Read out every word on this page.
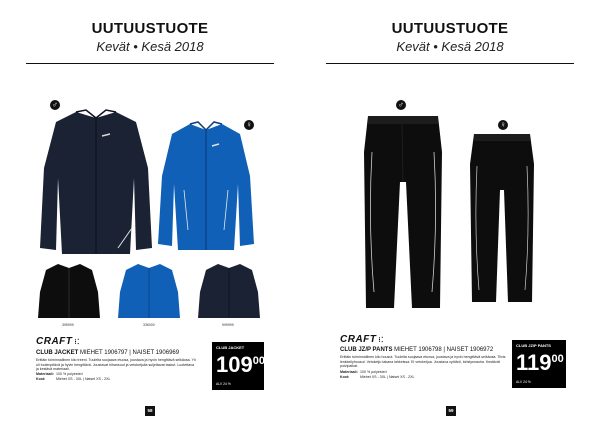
UUTUUSTUOTE
Kevät • Kesä 2018
♂
♀
395999	336000	999999
CRAFT ⁝⁚
CLUB JACKET MIEHET 1906797 | NAISET 1906969
Erittäin toiminnallinen kilo treeni. Tuulelta suojaava etuosa, joustava ja hyvin hengittävä selkäosa. Yli oli tuulenpitävä ja hyvin hengittävä. Joustavat hihansuut ja vetoketjulla suljettavat taskut. Luotettava ja kestävä materiaali.
Materiaali: 100 % polyesteri
Koot:	Miehet XS - 3XL | Naiset XS - 2XL
CLUB JACKET
$109^{00}$
ALV 24 %
58
UUTUUSTUOTE
Kevät • Kesä 2018
♂
♀
CRAFT ⁝⁚
CLUB JZ/P PANTS MIEHET 1906798 | NAISET 1906972
Erittäin toiminnallinen kilo housut. Tuulelta suojaava etuosa, joustava ja hyvin hengittävä selkäosa. Tiivis lenkkeilyhousut. Vetoketju takana lahkeissa. Ei vetoketjua. Joustava vyötärö, kiristysnauha. Kestävät polvipaikat.
Materiaali: 100 % polyesteri
Koot:	Miehet XS - 3XL | Naiset XS - 2XL
CLUB JZ/P PANTS
$119^{00}$
ALV 24 %
59
